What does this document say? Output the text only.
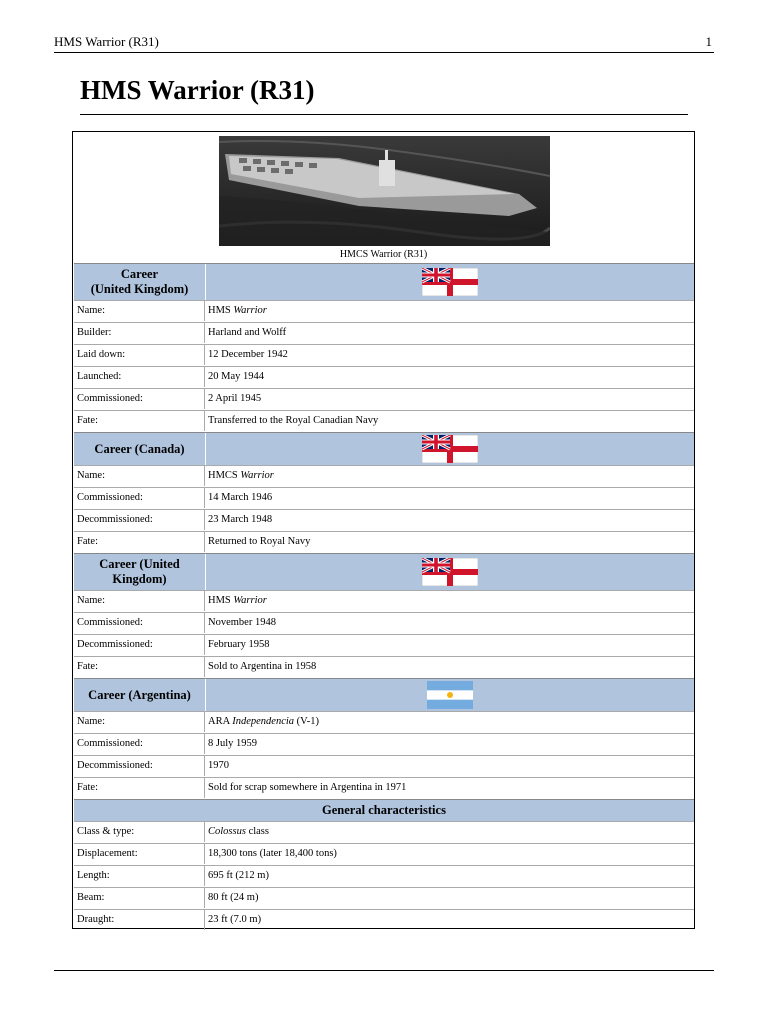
HMS Warrior (R31)	1
HMS Warrior (R31)
HMCS Warrior (R31)
Career
(United Kingdom)
Name:	HMS Warrior
Builder:	Harland and Wolff
Laid down:	12 December 1942
Launched:	20 May 1944
Commissioned:	2 April 1945
Fate:	Transferred to the Royal Canadian Navy
Career (Canada)
Name:	HMCS Warrior
Commissioned:	14 March 1946
Decommissioned:	23 March 1948
Fate:	Returned to Royal Navy
Career (United
Kingdom)
Name:	HMS Warrior
Commissioned:	November 1948
Decommissioned:	February 1958
Fate:	Sold to Argentina in 1958
Career (Argentina)
Name:	ARA Independencia (V-1)
Commissioned:	8 July 1959
Decommissioned:	1970
Fate:	Sold for scrap somewhere in Argentina in 1971
General characteristics
Class & type:	Colossus class
Displacement:	18,300 tons (later 18,400 tons)
Length:	695 ft (212 m)
Beam:	80 ft (24 m)
Draught:	23 ft (7.0 m)
